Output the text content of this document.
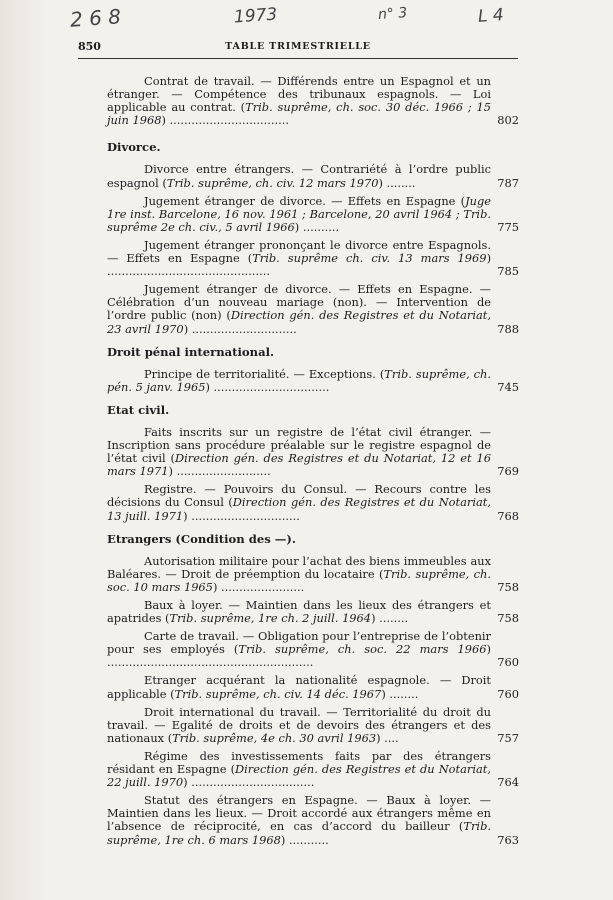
2 6 8	1973	n° 3	L 4
850	TABLE TRIMESTRIELLE
Contrat de travail. — Différends entre un Espagnol et un étranger. — Compétence des tribunaux espagnols. — Loi applicable au contrat. (Trib. suprême, ch. soc. 30 déc. 1966 ; 15 juin 1968) .................................	802
Divorce.
Divorce entre étrangers. — Contrariété à l’ordre public espagnol (Trib. suprême, ch. civ. 12 mars 1970) ........	787
Jugement étranger de divorce. — Effets en Espagne (Juge 1re inst. Barcelone, 16 nov. 1961 ; Barcelone, 20 avril 1964 ; Trib. suprême 2e ch. civ., 5 avril 1966) ..........	775
Jugement étranger prononçant le divorce entre Espagnols. — Effets en Espagne (Trib. suprême ch. civ. 13 mars 1969) .............................................	785
Jugement étranger de divorce. — Effets en Espagne. — Célébration d’un nouveau mariage (non). — Intervention de l’ordre public (non) (Direction gén. des Registres et du Notariat, 23 avril 1970) .............................	788
Droit pénal international.
Principe de territorialité. — Exceptions. (Trib. suprême, ch. pén. 5 janv. 1965) ................................	745
Etat civil.
Faits inscrits sur un registre de l’état civil étranger. — Inscription sans procédure préalable sur le registre espagnol de l’état civil (Direction gén. des Registres et du Notariat, 12 et 16 mars 1971) ..........................	769
Registre. — Pouvoirs du Consul. — Recours contre les décisions du Consul (Direction gén. des Registres et du Notariat, 13 juill. 1971) ..............................	768
Etrangers (Condition des —).
Autorisation militaire pour l’achat des biens immeubles aux Baléares. — Droit de préemption du locataire (Trib. suprême, ch. soc. 10 mars 1965) .......................	758
Baux à loyer. — Maintien dans les lieux des étrangers et apatrides (Trib. suprême, 1re ch. 2 juill. 1964) ........	758
Carte de travail. — Obligation pour l’entreprise de l’obtenir pour ses employés (Trib. suprême, ch. soc. 22 mars 1966) .........................................................	760
Etranger acquérant la nationalité espagnole. — Droit applicable (Trib. suprême, ch. civ. 14 déc. 1967) ........	760
Droit international du travail. — Territorialité du droit du travail. — Egalité de droits et de devoirs des étrangers et des nationaux (Trib. suprême, 4e ch. 30 avril 1963) ....	757
Régime des investissements faits par des étrangers résidant en Espagne (Direction gén. des Registres et du Notariat, 22 juill. 1970) ..................................	764
Statut des étrangers en Espagne. — Baux à loyer. — Maintien dans les lieux. — Droit accordé aux étrangers même en l’absence de réciprocité, en cas d’accord du bailleur (Trib. suprême, 1re ch. 6 mars 1968) ...........	763
